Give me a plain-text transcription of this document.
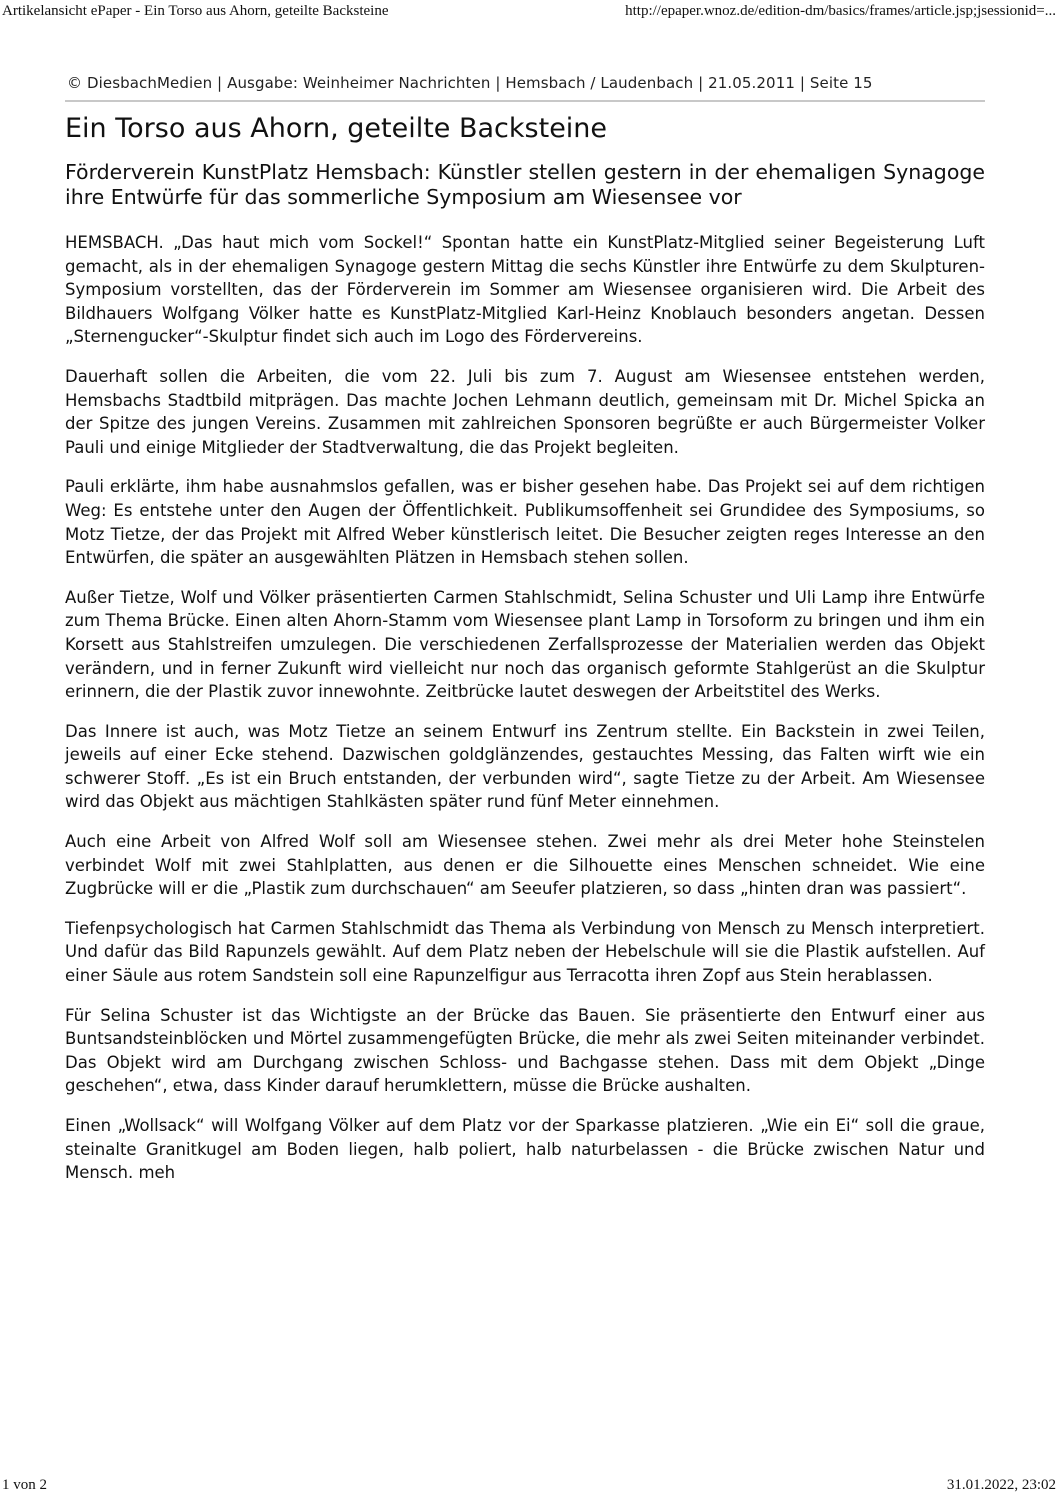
Artikelansicht ePaper - Ein Torso aus Ahorn, geteilte Backsteine	http://epaper.wnoz.de/edition-dm/basics/frames/article.jsp;jsessionid=...
© DiesbachMedien | Ausgabe: Weinheimer Nachrichten | Hemsbach / Laudenbach | 21.05.2011 | Seite 15
Ein Torso aus Ahorn, geteilte Backsteine
Förderverein KunstPlatz Hemsbach: Künstler stellen gestern in der ehemaligen Synagoge ihre Entwürfe für das sommerliche Symposium am Wiesensee vor

HEMSBACH. „Das haut mich vom Sockel!“ Spontan hatte ein KunstPlatz-Mitglied seiner Begeisterung Luft gemacht, als in der ehemaligen Synagoge gestern Mittag die sechs Künstler ihre Entwürfe zu dem Skulpturen-Symposium vorstellten, das der Förderverein im Sommer am Wiesensee organisieren wird. Die Arbeit des Bildhauers Wolfgang Völker hatte es KunstPlatz-Mitglied Karl-Heinz Knoblauch besonders angetan. Dessen „Sternengucker“-Skulptur findet sich auch im Logo des Fördervereins.

Dauerhaft sollen die Arbeiten, die vom 22. Juli bis zum 7. August am Wiesensee entstehen werden, Hemsbachs Stadtbild mitprägen. Das machte Jochen Lehmann deutlich, gemeinsam mit Dr. Michel Spicka an der Spitze des jungen Vereins. Zusammen mit zahlreichen Sponsoren begrüßte er auch Bürgermeister Volker Pauli und einige Mitglieder der Stadtverwaltung, die das Projekt begleiten.

Pauli erklärte, ihm habe ausnahmslos gefallen, was er bisher gesehen habe. Das Projekt sei auf dem richtigen Weg: Es entstehe unter den Augen der Öffentlichkeit. Publikumsoffenheit sei Grundidee des Symposiums, so Motz Tietze, der das Projekt mit Alfred Weber künstlerisch leitet. Die Besucher zeigten reges Interesse an den Entwürfen, die später an ausgewählten Plätzen in Hemsbach stehen sollen.

Außer Tietze, Wolf und Völker präsentierten Carmen Stahlschmidt, Selina Schuster und Uli Lamp ihre Entwürfe zum Thema Brücke. Einen alten Ahorn-Stamm vom Wiesensee plant Lamp in Torsoform zu bringen und ihm ein Korsett aus Stahlstreifen umzulegen. Die verschiedenen Zerfallsprozesse der Materialien werden das Objekt verändern, und in ferner Zukunft wird vielleicht nur noch das organisch geformte Stahlgerüst an die Skulptur erinnern, die der Plastik zuvor innewohnte. Zeitbrücke lautet deswegen der Arbeitstitel des Werks.

Das Innere ist auch, was Motz Tietze an seinem Entwurf ins Zentrum stellte. Ein Backstein in zwei Teilen, jeweils auf einer Ecke stehend. Dazwischen goldglänzendes, gestauchtes Messing, das Falten wirft wie ein schwerer Stoff. „Es ist ein Bruch entstanden, der verbunden wird“, sagte Tietze zu der Arbeit. Am Wiesensee wird das Objekt aus mächtigen Stahlkästen später rund fünf Meter einnehmen.

Auch eine Arbeit von Alfred Wolf soll am Wiesensee stehen. Zwei mehr als drei Meter hohe Steinstelen verbindet Wolf mit zwei Stahlplatten, aus denen er die Silhouette eines Menschen schneidet. Wie eine Zugbrücke will er die „Plastik zum durchschauen“ am Seeufer platzieren, so dass „hinten dran was passiert“.

Tiefenpsychologisch hat Carmen Stahlschmidt das Thema als Verbindung von Mensch zu Mensch interpretiert. Und dafür das Bild Rapunzels gewählt. Auf dem Platz neben der Hebelschule will sie die Plastik aufstellen. Auf einer Säule aus rotem Sandstein soll eine Rapunzelfigur aus Terracotta ihren Zopf aus Stein herablassen.

Für Selina Schuster ist das Wichtigste an der Brücke das Bauen. Sie präsentierte den Entwurf einer aus Buntsandsteinblöcken und Mörtel zusammengefügten Brücke, die mehr als zwei Seiten miteinander verbindet. Das Objekt wird am Durchgang zwischen Schloss- und Bachgasse stehen. Dass mit dem Objekt „Dinge geschehen“, etwa, dass Kinder darauf herumklettern, müsse die Brücke aushalten.

Einen „Wollsack“ will Wolfgang Völker auf dem Platz vor der Sparkasse platzieren. „Wie ein Ei“ soll die graue, steinalte Granitkugel am Boden liegen, halb poliert, halb naturbelassen - die Brücke zwischen Natur und Mensch. meh

1 von 2	31.01.2022, 23:02
